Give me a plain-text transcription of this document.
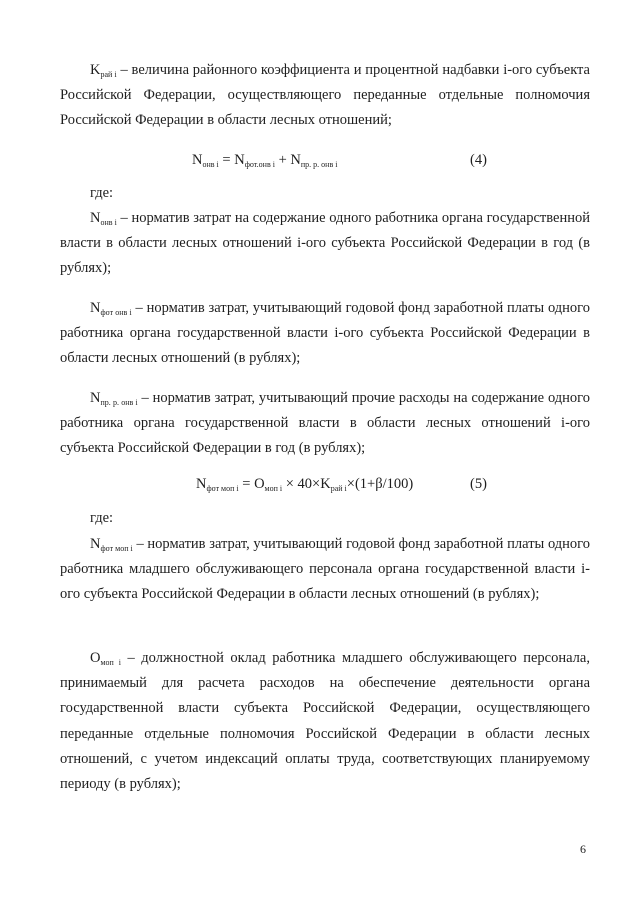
$K_{рай i}$ – величина районного коэффициента и процентной надбавки i-ого субъекта Российской Федерации, осуществляющего переданные отдельные полномочия Российской Федерации в области лесных отношений;
$N_{онв i} = N_{фот.онв i} + N_{пр. р. онв i}$	(4)
где:
$N_{онв i}$ – норматив затрат на содержание одного работника органа государственной власти в области лесных отношений i-ого субъекта Российской Федерации в год (в рублях);
$N_{фот онв i}$ – норматив затрат, учитывающий годовой фонд заработной платы одного работника органа государственной власти i-ого субъекта Российской Федерации в области лесных отношений (в рублях);
$N_{пр. р. онв i}$ – норматив затрат, учитывающий прочие расходы на содержание одного работника органа государственной власти в области лесных отношений i-ого субъекта Российской Федерации в год (в рублях);
$N_{фот моп i} = О_{моп i} \times 40\times K_{рай i}\times(1+\beta/100)$	(5)
где:
$N_{фот моп i}$ – норматив затрат, учитывающий годовой фонд заработной платы одного работника младшего обслуживающего персонала органа государственной власти i-ого субъекта Российской Федерации в области лесных отношений (в рублях);
$О_{моп i}$ – должностной оклад работника младшего обслуживающего персонала, принимаемый для расчета расходов на обеспечение деятельности органа государственной власти субъекта Российской Федерации, осуществляющего переданные отдельные полномочия Российской Федерации в области лесных отношений, с учетом индексаций оплаты труда, соответствующих планируемому периоду (в рублях);
6
